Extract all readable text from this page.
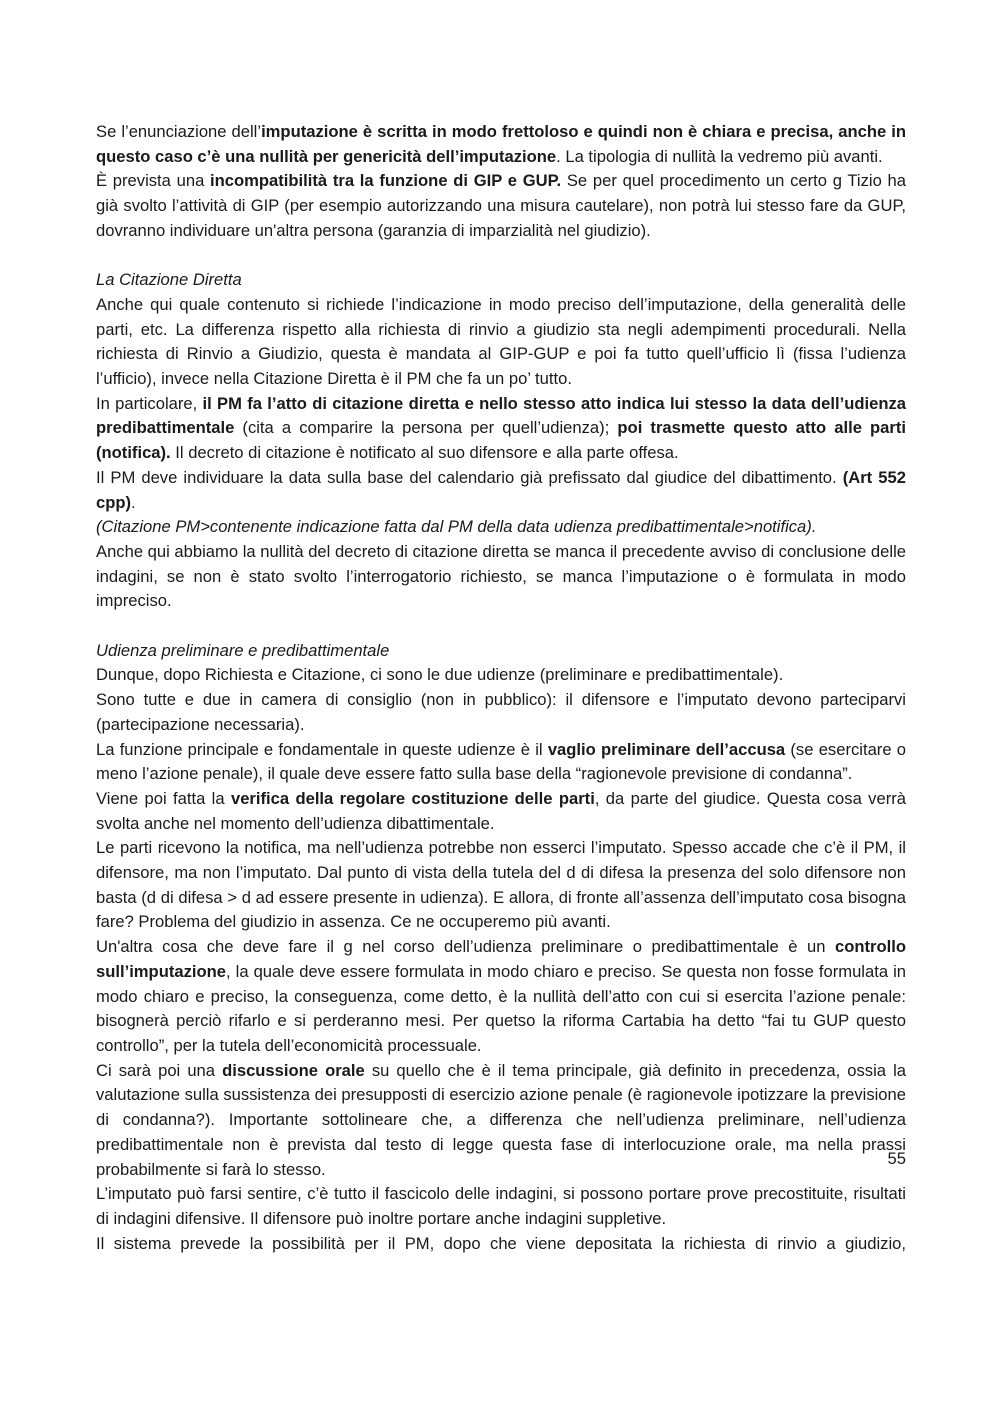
Se l’enunciazione dell’imputazione è scritta in modo frettoloso e quindi non è chiara e precisa, anche in questo caso c’è una nullità per genericità dell’imputazione. La tipologia di nullità la vedremo più avanti.

È prevista una incompatibilità tra la funzione di GIP e GUP. Se per quel procedimento un certo g Tizio ha già svolto l’attività di GIP (per esempio autorizzando una misura cautelare), non potrà lui stesso fare da GUP, dovranno individuare un'altra persona (garanzia di imparzialità nel giudizio).

La Citazione Diretta

Anche qui quale contenuto si richiede l’indicazione in modo preciso dell’imputazione, della generalità delle parti, etc. La differenza rispetto alla richiesta di rinvio a giudizio sta negli adempimenti procedurali. Nella richiesta di Rinvio a Giudizio, questa è mandata al GIP-GUP e poi fa tutto quell’ufficio lì (fissa l’udienza l’ufficio), invece nella Citazione Diretta è il PM che fa un po’ tutto.

In particolare, il PM fa l’atto di citazione diretta e nello stesso atto indica lui stesso la data dell’udienza predibattimentale (cita a comparire la persona per quell’udienza); poi trasmette questo atto alle parti (notifica). Il decreto di citazione è notificato al suo difensore e alla parte offesa.

Il PM deve individuare la data sulla base del calendario già prefissato dal giudice del dibattimento. (Art 552 cpp).

(Citazione PM>contenente indicazione fatta dal PM della data udienza predibattimentale>notifica).

Anche qui abbiamo la nullità del decreto di citazione diretta se manca il precedente avviso di conclusione delle indagini, se non è stato svolto l’interrogatorio richiesto, se manca l’imputazione o è formulata in modo impreciso.

Udienza preliminare e predibattimentale

Dunque, dopo Richiesta e Citazione, ci sono le due udienze (preliminare e predibattimentale).

Sono tutte e due in camera di consiglio (non in pubblico): il difensore e l’imputato devono parteciparvi (partecipazione necessaria).

La funzione principale e fondamentale in queste udienze è il vaglio preliminare dell’accusa (se esercitare o meno l’azione penale), il quale deve essere fatto sulla base della “ragionevole previsione di condanna”.

Viene poi fatta la verifica della regolare costituzione delle parti, da parte del giudice. Questa cosa verrà svolta anche nel momento dell’udienza dibattimentale.

Le parti ricevono la notifica, ma nell’udienza potrebbe non esserci l’imputato. Spesso accade che c’è il PM, il difensore, ma non l’imputato. Dal punto di vista della tutela del d di difesa la presenza del solo difensore non basta (d di difesa > d ad essere presente in udienza). E allora, di fronte all’assenza dell’imputato cosa bisogna fare? Problema del giudizio in assenza. Ce ne occuperemo più avanti.

Un'altra cosa che deve fare il g nel corso dell’udienza preliminare o predibattimentale è un controllo sull’imputazione, la quale deve essere formulata in modo chiaro e preciso. Se questa non fosse formulata in modo chiaro e preciso, la conseguenza, come detto, è la nullità dell’atto con cui si esercita l’azione penale: bisognerà perciò rifarlo e si perderanno mesi. Per quetso la riforma Cartabia ha detto “fai tu GUP questo controllo”, per la tutela dell’economicità processuale.

Ci sarà poi una discussione orale su quello che è il tema principale, già definito in precedenza, ossia la valutazione sulla sussistenza dei presupposti di esercizio azione penale (è ragionevole ipotizzare la previsione di condanna?). Importante sottolineare che, a differenza che nell’udienza preliminare, nell’udienza predibattimentale non è prevista dal testo di legge questa fase di interlocuzione orale, ma nella prassi probabilmente si farà lo stesso.

L’imputato può farsi sentire, c’è tutto il fascicolo delle indagini, si possono portare prove precostituite, risultati di indagini difensive. Il difensore può inoltre portare anche indagini suppletive.

Il sistema prevede la possibilità per il PM, dopo che viene depositata la richiesta di rinvio a giudizio,

55
